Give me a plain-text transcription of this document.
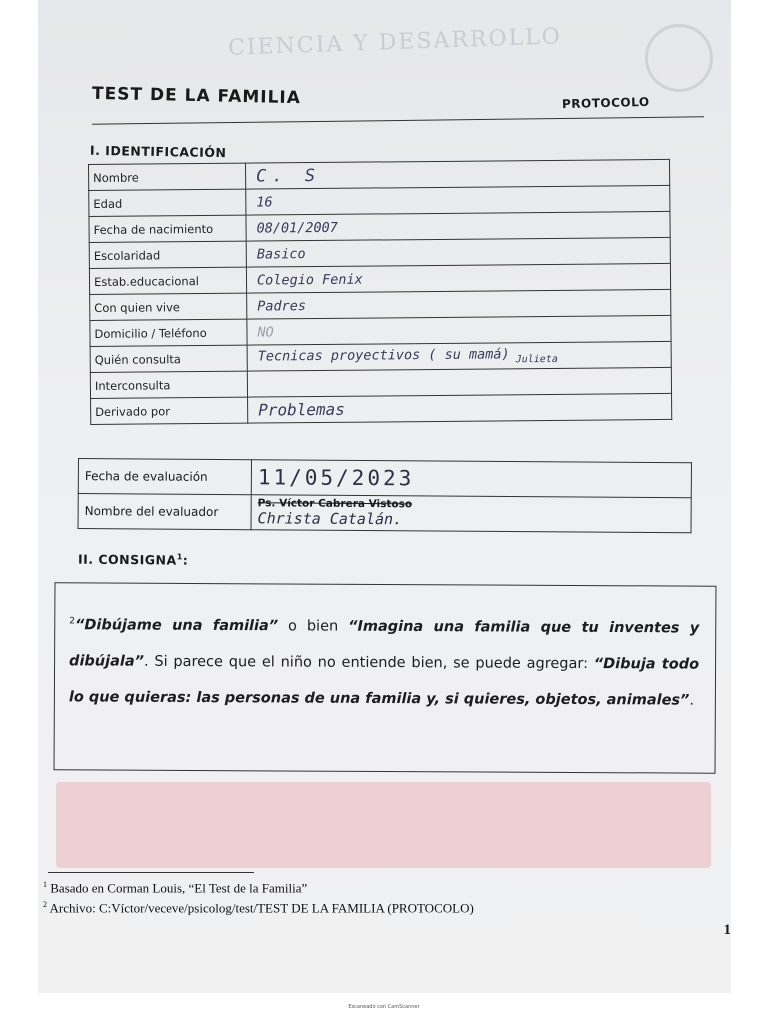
CIENCIA Y DESARROLLO
TEST DE LA FAMILIA	PROTOCOLO
I. IDENTIFICACIÓN
Nombre	C. S
Edad	16
Fecha de nacimiento	08/01/2007
Escolaridad	Basico
Estab.educacional	Colegio Fenix
Con quien vive	Padres
Domicilio / Teléfono	NO
Quién consulta	Tecnicas proyectivos ( su mamá) $_{Julieta}$
Interconsulta	
Derivado por	Problemas
Fecha de evaluación	11/05/2023
Nombre del evaluador	Ps. Víctor Cabrera Vistoso
Christa Catalán.
II. CONSIGNA$^1$:
$^2$“Dibújame una familia” o bien “Imagina una familia que tu inventes y dibújala”. Si parece que el niño no entiende bien, se puede agregar: “Dibuja todo lo que quieras: las personas de una familia y, si quieres, objetos, animales”.
$^1$ Basado en Corman Louis, “El Test de la Familia”
$^2$ Archivo: C:Víctor/veceve/psicolog/test/TEST DE LA FAMILIA (PROTOCOLO)
1
Escaneado con CamScanner
